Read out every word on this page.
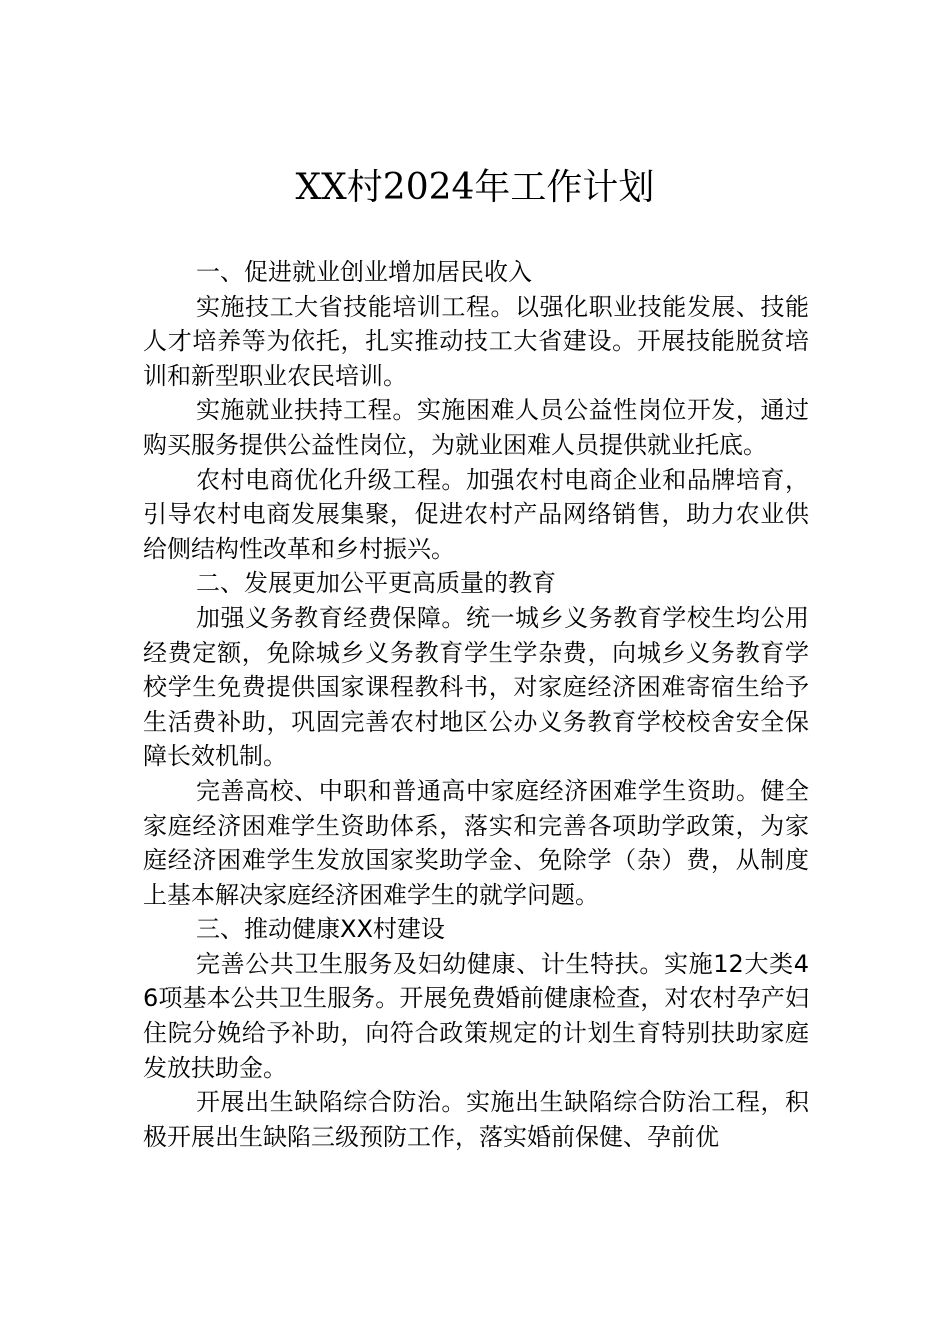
XX村2024年工作计划

一、促进就业创业增加居民收入

实施技工大省技能培训工程。以强化职业技能发展、技能人才培养等为依托，扎实推动技工大省建设。开展技能脱贫培训和新型职业农民培训。

实施就业扶持工程。实施困难人员公益性岗位开发，通过购买服务提供公益性岗位，为就业困难人员提供就业托底。

农村电商优化升级工程。加强农村电商企业和品牌培育，引导农村电商发展集聚，促进农村产品网络销售，助力农业供给侧结构性改革和乡村振兴。

二、发展更加公平更高质量的教育

加强义务教育经费保障。统一城乡义务教育学校生均公用经费定额，免除城乡义务教育学生学杂费，向城乡义务教育学校学生免费提供国家课程教科书，对家庭经济困难寄宿生给予生活费补助，巩固完善农村地区公办义务教育学校校舍安全保障长效机制。

完善高校、中职和普通高中家庭经济困难学生资助。健全家庭经济困难学生资助体系，落实和完善各项助学政策，为家庭经济困难学生发放国家奖助学金、免除学（杂）费，从制度上基本解决家庭经济困难学生的就学问题。

三、推动健康XX村建设

完善公共卫生服务及妇幼健康、计生特扶。实施12大类46项基本公共卫生服务。开展免费婚前健康检查，对农村孕产妇住院分娩给予补助，向符合政策规定的计划生育特别扶助家庭发放扶助金。

开展出生缺陷综合防治。实施出生缺陷综合防治工程，积极开展出生缺陷三级预防工作，落实婚前保健、孕前优
